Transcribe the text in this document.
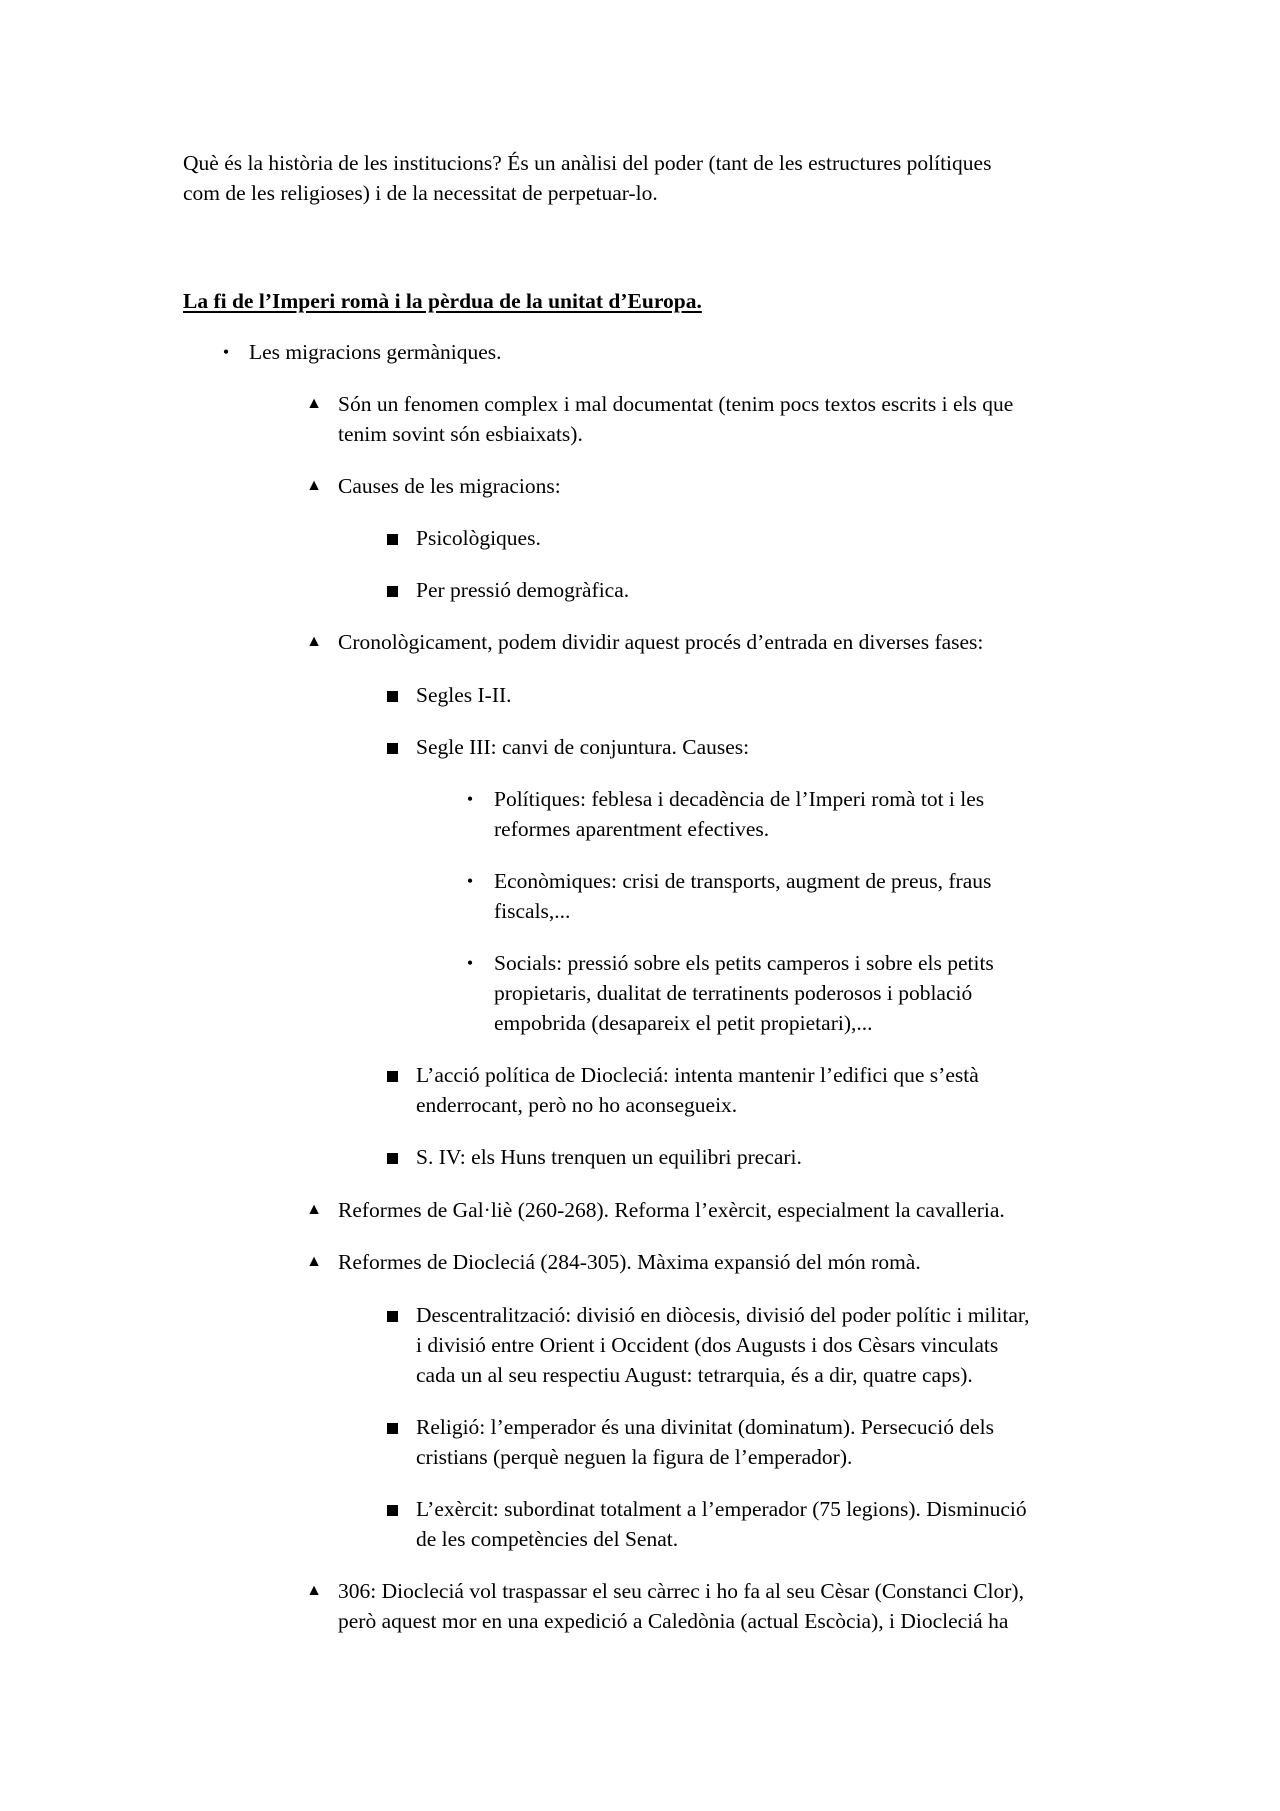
Què és la història de les institucions? És un anàlisi del poder (tant de les estructures polítiques
com de les religioses) i de la necessitat de perpetuar-lo.
La fi de l’Imperi romà i la pèrdua de la unitat d’Europa.
• Les migracions germàniques.
▲ Són un fenomen complex i mal documentat (tenim pocs textos escrits i els que
tenim sovint són esbiaixats).
▲ Causes de les migracions:
Psicològiques.
Per pressió demogràfica.
▲ Cronològicament, podem dividir aquest procés d’entrada en diverses fases:
Segles I-II.
Segle III: canvi de conjuntura. Causes:
• Polítiques: feblesa i decadència de l’Imperi romà tot i les
reformes aparentment efectives.
• Econòmiques: crisi de transports, augment de preus, fraus
fiscals,...
• Socials: pressió sobre els petits camperos i sobre els petits
propietaris, dualitat de terratinents poderosos i població
empobrida (desapareix el petit propietari),...
L’acció política de Diocleciá: intenta mantenir l’edifici que s’està
enderrocant, però no ho aconsegueix.
S. IV: els Huns trenquen un equilibri precari.
▲ Reformes de Gal·liè (260-268). Reforma l’exèrcit, especialment la cavalleria.
▲ Reformes de Diocleciá (284-305). Màxima expansió del món romà.
Descentralització: divisió en diòcesis, divisió del poder polític i militar,
i divisió entre Orient i Occident (dos Augusts i dos Cèsars vinculats
cada un al seu respectiu August: tetrarquia, és a dir, quatre caps).
Religió: l’emperador és una divinitat (dominatum). Persecució dels
cristians (perquè neguen la figura de l’emperador).
L’exèrcit: subordinat totalment a l’emperador (75 legions). Disminució
de les competències del Senat.
▲ 306: Diocleciá vol traspassar el seu càrrec i ho fa al seu Cèsar (Constanci Clor),
però aquest mor en una expedició a Caledònia (actual Escòcia), i Diocleciá ha
